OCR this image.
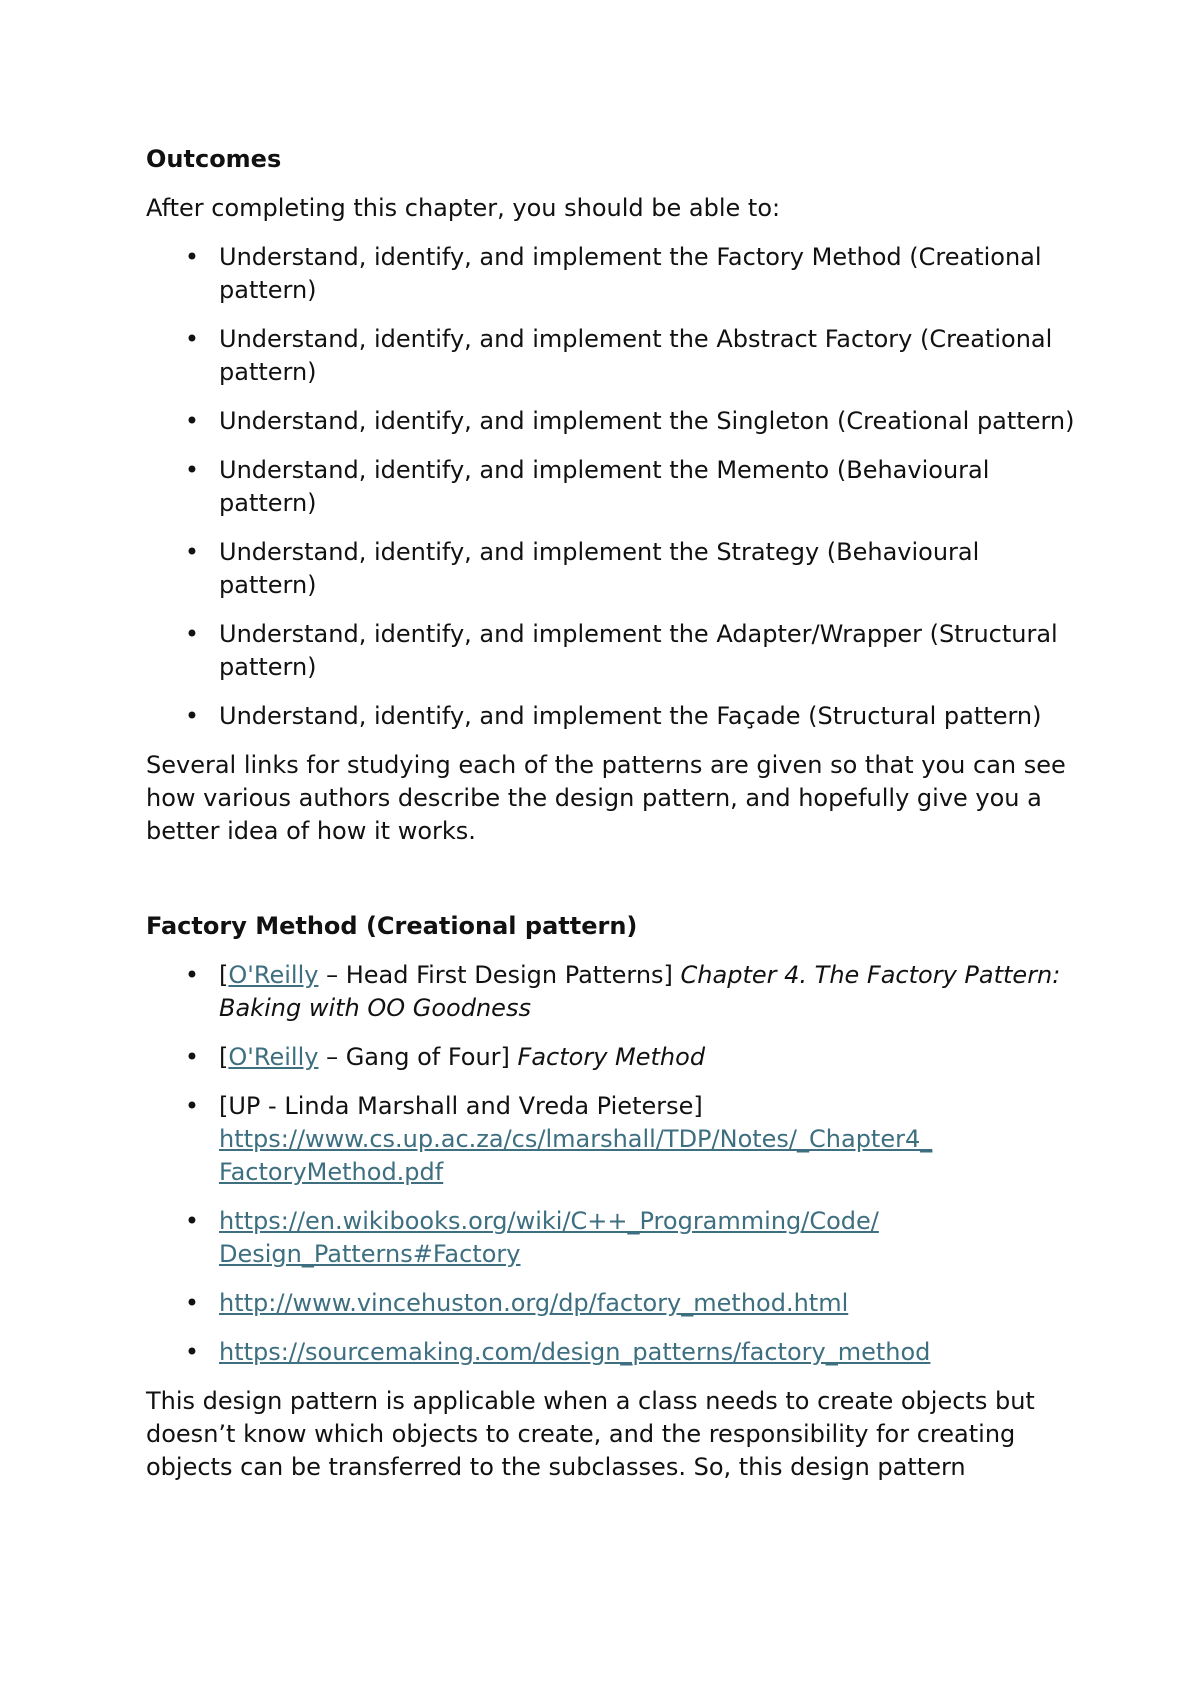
Outcomes
After completing this chapter, you should be able to:
• Understand, identify, and implement the Factory Method (Creational pattern)
• Understand, identify, and implement the Abstract Factory (Creational pattern)
• Understand, identify, and implement the Singleton (Creational pattern)
• Understand, identify, and implement the Memento (Behavioural pattern)
• Understand, identify, and implement the Strategy (Behavioural pattern)
• Understand, identify, and implement the Adapter/Wrapper (Structural pattern)
• Understand, identify, and implement the Façade (Structural pattern)
Several links for studying each of the patterns are given so that you can see how various authors describe the design pattern, and hopefully give you a better idea of how it works.
Factory Method (Creational pattern)
• [O'Reilly – Head First Design Patterns] Chapter 4. The Factory Pattern: Baking with OO Goodness
• [O'Reilly – Gang of Four] Factory Method
• [UP - Linda Marshall and Vreda Pieterse] https://www.cs.up.ac.za/cs/lmarshall/TDP/Notes/_Chapter4_
FactoryMethod.pdf
• https://en.wikibooks.org/wiki/C++_Programming/Code/
Design_Patterns#Factory
• http://www.vincehuston.org/dp/factory_method.html
• https://sourcemaking.com/design_patterns/factory_method
This design pattern is applicable when a class needs to create objects but doesn’t know which objects to create, and the responsibility for creating objects can be transferred to the subclasses. So, this design pattern
